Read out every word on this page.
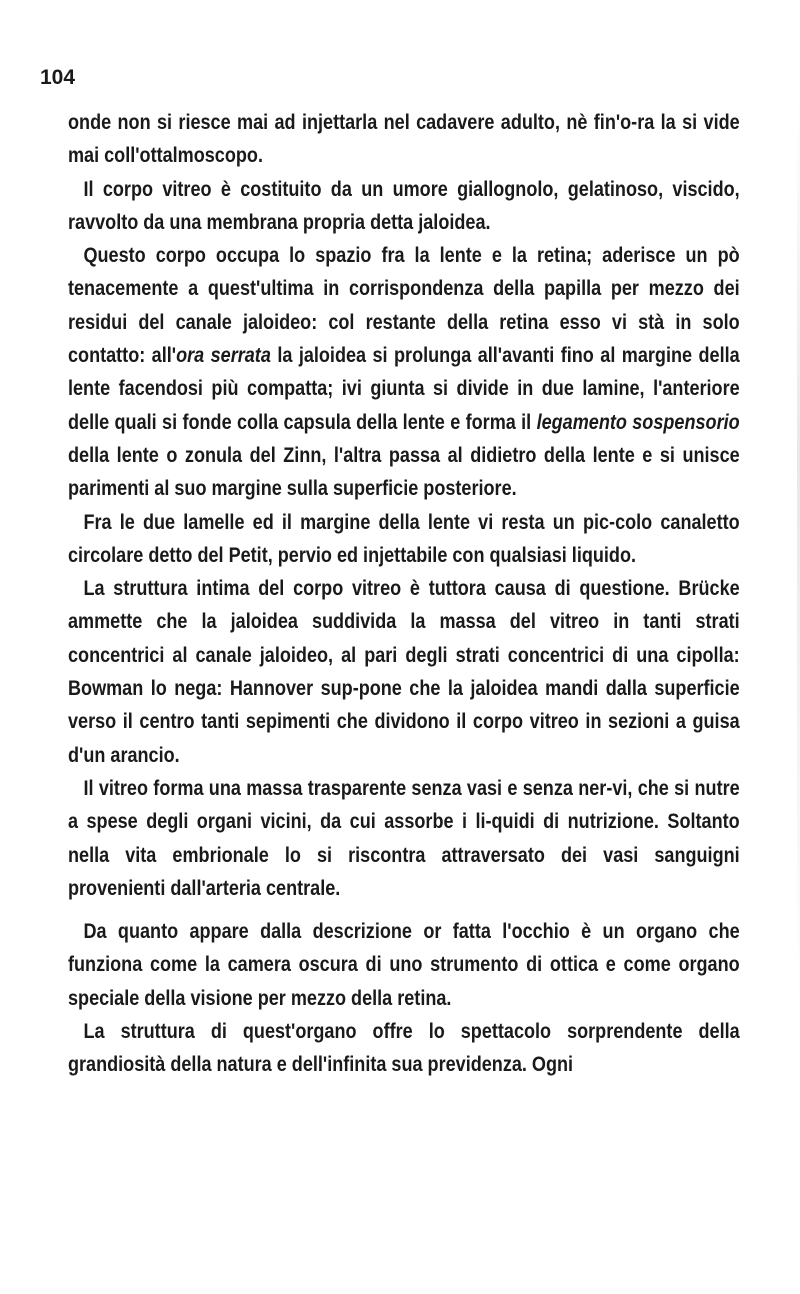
104

onde non si riesce mai ad injettarla nel cadavere adulto, nè fin'o-ra la si vide mai coll'ottalmoscopo.

Il corpo vitreo è costituito da un umore giallognolo, gelatinoso, viscido, ravvolto da una membrana propria detta jaloidea.

Questo corpo occupa lo spazio fra la lente e la retina; aderisce un pò tenacemente a quest'ultima in corrispondenza della papilla per mezzo dei residui del canale jaloideo: col restante della retina esso vi stà in solo contatto: all'ora serrata la jaloidea si prolunga all'avanti fino al margine della lente facendosi più compatta; ivi giunta si divide in due lamine, l'anteriore delle quali si fonde colla capsula della lente e forma il legamento sospensorio della lente o zonula del Zinn, l'altra passa al didietro della lente e si unisce parimenti al suo margine sulla superficie posteriore.

Fra le due lamelle ed il margine della lente vi resta un pic-colo canaletto circolare detto del Petit, pervio ed injettabile con qualsiasi liquido.

La struttura intima del corpo vitreo è tuttora causa di questione. Brücke ammette che la jaloidea suddivida la massa del vitreo in tanti strati concentrici al canale jaloideo, al pari degli strati concentrici di una cipolla: Bowman lo nega: Hannover sup-pone che la jaloidea mandi dalla superficie verso il centro tanti sepimenti che dividono il corpo vitreo in sezioni a guisa d'un arancio.

Il vitreo forma una massa trasparente senza vasi e senza ner-vi, che si nutre a spese degli organi vicini, da cui assorbe i li-quidi di nutrizione. Soltanto nella vita embrionale lo si riscontra attraversato dei vasi sanguigni provenienti dall'arteria centrale.

Da quanto appare dalla descrizione or fatta l'occhio è un organo che funziona come la camera oscura di uno strumento di ottica e come organo speciale della visione per mezzo della retina.

La struttura di quest'organo offre lo spettacolo sorprendente della grandiosità della natura e dell'infinita sua previdenza. Ogni
